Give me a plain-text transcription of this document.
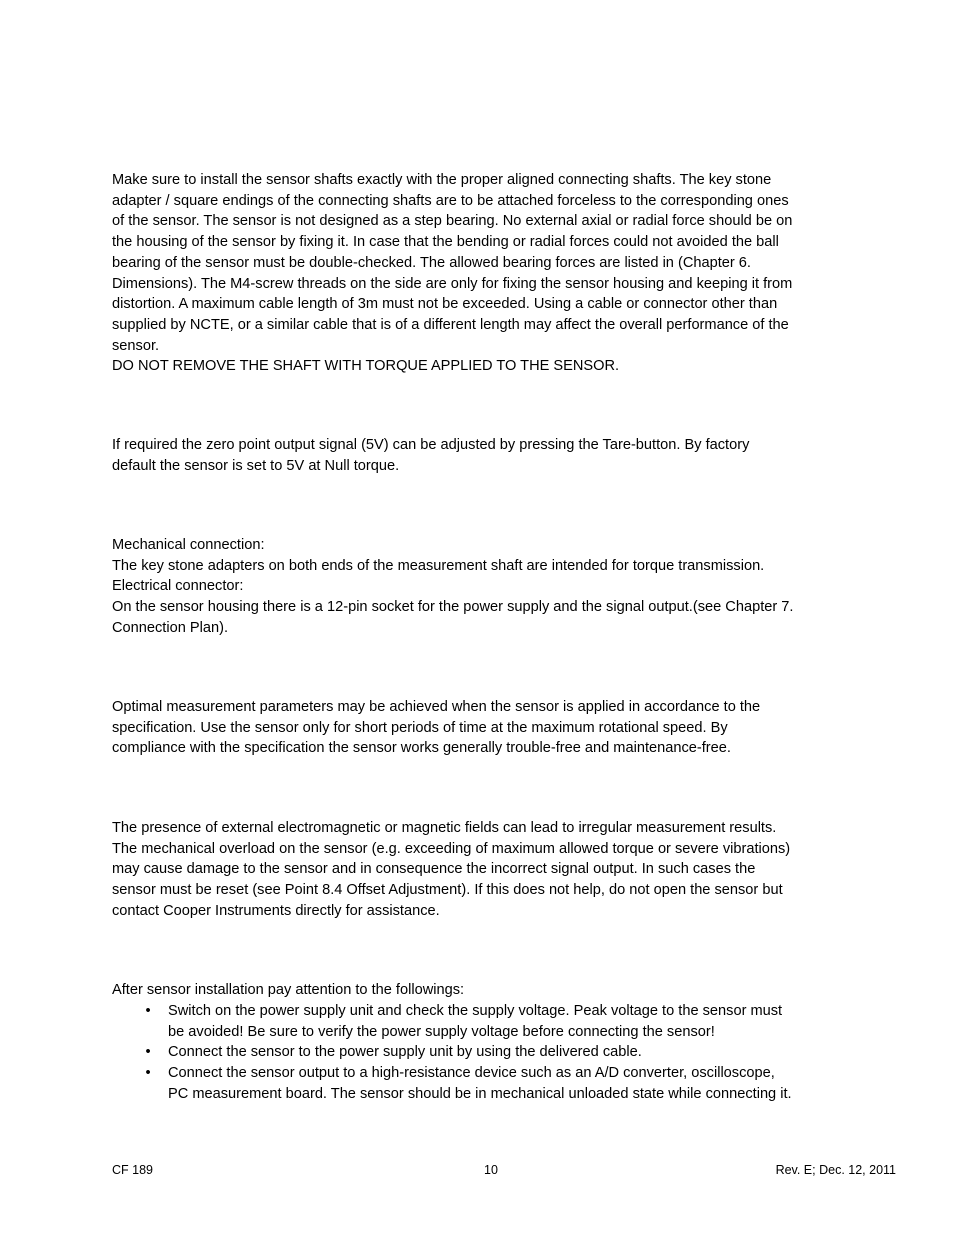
Make sure to install the sensor shafts exactly with the proper aligned connecting shafts. The key stone
adapter / square endings of the connecting shafts are to be attached forceless to the corresponding ones
of the sensor. The sensor is not designed as a step bearing. No external axial or radial force should be on
the housing of the sensor by fixing it. In case that the bending or radial forces could not avoided the ball
bearing of the sensor must be double-checked. The allowed bearing forces are listed in (Chapter 6.
Dimensions). The M4-screw threads on the side are only for fixing the sensor housing and keeping it from
distortion. A maximum cable length of 3m must not be exceeded. Using a cable or connector other than
supplied by NCTE, or a similar cable that is of a different length may affect the overall performance of the
sensor.
DO NOT REMOVE THE SHAFT WITH TORQUE APPLIED TO THE SENSOR.
If required the zero point output signal (5V) can be adjusted by pressing the Tare-button. By factory
default the sensor is set to 5V at Null torque.
Mechanical connection:
The key stone adapters on both ends of the measurement shaft are intended for torque transmission.
Electrical connector:
On the sensor housing there is a 12-pin socket for the power supply and the signal output.(see Chapter 7.
Connection Plan).
Optimal measurement parameters may be achieved when the sensor is applied in accordance to the
specification. Use the sensor only for short periods of time at the maximum rotational speed. By
compliance with the specification the sensor works generally trouble-free and maintenance-free.
The presence of external electromagnetic or magnetic fields can lead to irregular measurement results.
The mechanical overload on the sensor (e.g. exceeding of maximum allowed torque or severe vibrations)
may cause damage to the sensor and in consequence the incorrect signal output. In such cases the
sensor must be reset (see Point 8.4 Offset Adjustment). If this does not help, do not open the sensor but
contact Cooper Instruments directly for assistance.
After sensor installation pay attention to the followings:
•	Switch on the power supply unit and check the supply voltage. Peak voltage to the sensor must
be avoided! Be sure to verify the power supply voltage before connecting the sensor!
•	Connect the sensor to the power supply unit by using the delivered cable.
•	Connect the sensor output to a high-resistance device such as an A/D converter, oscilloscope,
PC measurement board. The sensor should be in mechanical unloaded state while connecting it.
CF 189	10	Rev. E; Dec. 12, 2011
